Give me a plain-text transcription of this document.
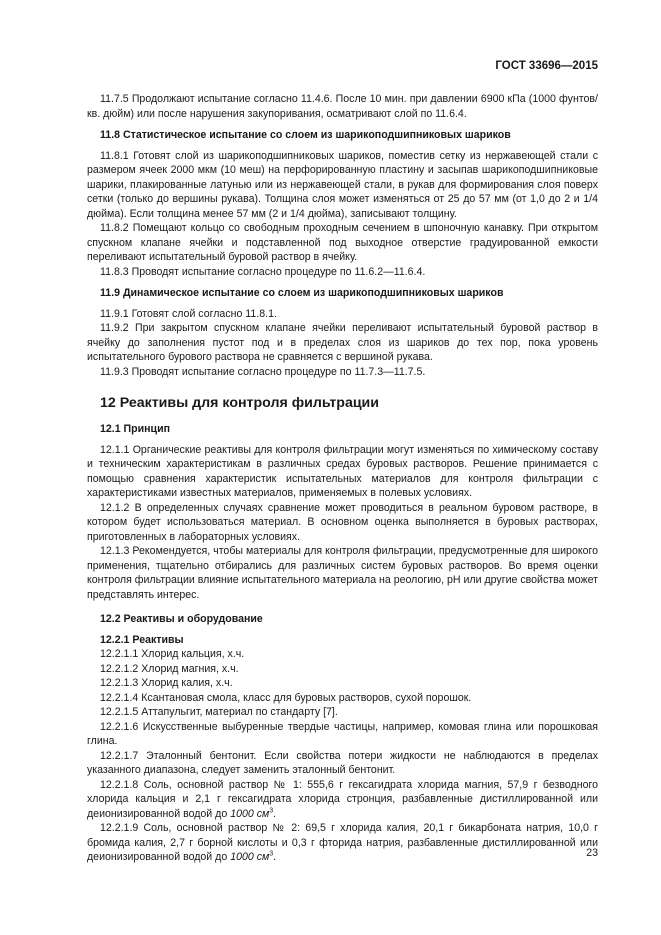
ГОСТ 33696—2015

11.7.5 Продолжают испытание согласно 11.4.6. После 10 мин. при давлении 6900 кПа (1000 фунтов/кв. дюйм) или после нарушения закупоривания, осматривают слой по 11.6.4.

11.8 Статистическое испытание со слоем из шарикоподшипниковых шариков

11.8.1 Готовят слой из шарикоподшипниковых шариков, поместив сетку из нержавеющей стали с размером ячеек 2000 мкм (10 меш) на перфорированную пластину и засыпав шарикоподшипниковые шарики, плакированные латунью или из нержавеющей стали, в рукав для формирования слоя поверх сетки (только до вершины рукава). Толщина слоя может изменяться от 25 до 57 мм (от 1,0 до 2 и 1/4 дюйма). Если толщина менее 57 мм (2 и 1/4 дюйма), записывают толщину.

11.8.2 Помещают кольцо со свободным проходным сечением в шпоночную канавку. При открытом спускном клапане ячейки и подставленной под выходное отверстие градуированной емкости переливают испытательный буровой раствор в ячейку.

11.8.3 Проводят испытание согласно процедуре по 11.6.2—11.6.4.

11.9 Динамическое испытание со слоем из шарикоподшипниковых шариков

11.9.1 Готовят слой согласно 11.8.1.

11.9.2 При закрытом спускном клапане ячейки переливают испытательный буровой раствор в ячейку до заполнения пустот под и в пределах слоя из шариков до тех пор, пока уровень испытательного бурового раствора не сравняется с вершиной рукава.

11.9.3 Проводят испытание согласно процедуре по 11.7.3—11.7.5.

12 Реактивы для контроля фильтрации
12.1 Принцип

12.1.1 Органические реактивы для контроля фильтрации могут изменяться по химическому составу и техническим характеристикам в различных средах буровых растворов. Решение принимается с помощью сравнения характеристик испытательных материалов для контроля фильтрации с характеристиками известных материалов, применяемых в полевых условиях.

12.1.2 В определенных случаях сравнение может проводиться в реальном буровом растворе, в котором будет использоваться материал. В основном оценка выполняется в буровых растворах, приготовленных в лабораторных условиях.

12.1.3 Рекомендуется, чтобы материалы для контроля фильтрации, предусмотренные для широкого применения, тщательно отбирались для различных систем буровых растворов. Во время оценки контроля фильтрации влияние испытательного материала на реологию, pH или другие свойства может представлять интерес.

12.2 Реактивы и оборудование
12.2.1 Реактивы

12.2.1.1 Хлорид кальция, х.ч.

12.2.1.2 Хлорид магния, х.ч.

12.2.1.3 Хлорид калия, х.ч.

12.2.1.4 Ксантановая смола, класс для буровых растворов, сухой порошок.

12.2.1.5 Аттапульгит, материал по стандарту [7].

12.2.1.6 Искусственные выбуренные твердые частицы, например, комовая глина или порошковая глина.

12.2.1.7 Эталонный бентонит. Если свойства потери жидкости не наблюдаются в пределах указанного диапазона, следует заменить эталонный бентонит.

12.2.1.8 Соль, основной раствор № 1: 555,6 г гексагидрата хлорида магния, 57,9 г безводного хлорида кальция и 2,1 г гексагидрата хлорида стронция, разбавленные дистиллированной или деионизированной водой до 1000 $см^3$.

12.2.1.9 Соль, основной раствор № 2: 69,5 г хлорида калия, 20,1 г бикарбоната натрия, 10,0 г бромида калия, 2,7 г борной кислоты и 0,3 г фторида натрия, разбавленные дистиллированной или деионизированной водой до 1000 $см^3$.	23
